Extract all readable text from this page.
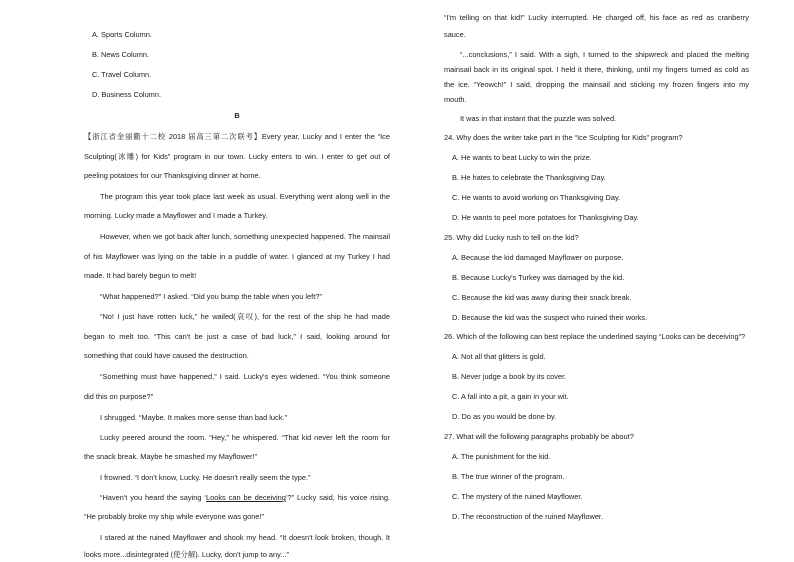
A. Sports Column.

B. News Column.

C. Travel Column.

D. Business Column.

B

【浙江省金丽衢十二校 2018 届高三第二次联考】Every year, Lucky and I enter the “Ice

Sculpting(冰雕) for Kids” program in our town. Lucky enters to win. I enter to get out of

peeling potatoes for our Thanksgiving dinner at home.

The program this year took place last week as usual. Everything went along well in the

morning. Lucky made a Mayflower and I made a Turkey.

However, when we got back after lunch, something unexpected happened. The mainsail

of his Mayflower was lying on the table in a puddle of water. I glanced at my Turkey I had

made. It had barely begun to melt!

“What happened?” I asked. “Did you bump the table when you left?”

“No! I just have rotten luck,” he wailed(哀叹), for the rest of the ship he had made

began to melt too. “This can't be just a case of bad luck,” I said, looking around for

something that could have caused the destruction.

“Something must have happened,” I said. Lucky's eyes widened. “You think someone

did this on purpose?”

I shrugged. “Maybe. It makes more sense than bad luck.”

Lucky peered around the room. “Hey,” he whispered. “That kid never left the room for

the snack break. Maybe he smashed my Mayflower!”

I frowned. “I don't know, Lucky. He doesn't really seem the type.”

“Haven't you heard the saying ‘Looks can be deceiving’?” Lucky said, his voice rising.

“He probably broke my ship while everyone was gone!”

I stared at the ruined Mayflower and shook my head. “It doesn't look broken, though. It

looks more...disintegrated (使分解). Lucky, don't jump to any...”

“I'm telling on that kid!” Lucky interrupted. He charged off, his face as red as cranberry

sauce.

“...conclusions,” I said. With a sigh, I turned to the shipwreck and placed the melting

mainsail back in its original spot. I held it there, thinking, until my fingers turned as cold as

the ice. “Yeowch!” I said, dropping the mainsail and sticking my frozen fingers into my

mouth.

It was in that instant that the puzzle was solved.

24. Why does the writer take part in the “Ice Sculpting for Kids” program?

A. He wants to beat Lucky to win the prize.

B. He hates to celebrate the Thanksgiving Day.

C. He wants to avoid working on Thanksgiving Day.

D. He wants to peel more potatoes for Thanksgiving Day.

25. Why did Lucky rush to tell on the kid?

A. Because the kid damaged Mayflower on purpose.

B. Because Lucky's Turkey was damaged by the kid.

C. Because the kid was away during their snack break.

D. Because the kid was the suspect who ruined their works.

26. Which of the following can best replace the underlined saying “Looks can be deceiving”?

A. Not all that glitters is gold.

B. Never judge a book by its cover.

C. A fall into a pit, a gain in your wit.

D. Do as you would be done by.

27. What will the following paragraphs probably be about?

A. The punishment for the kid.

B. The true winner of the program.

C. The mystery of the ruined Mayflower.

D. The reconstruction of the ruined Mayflower.
